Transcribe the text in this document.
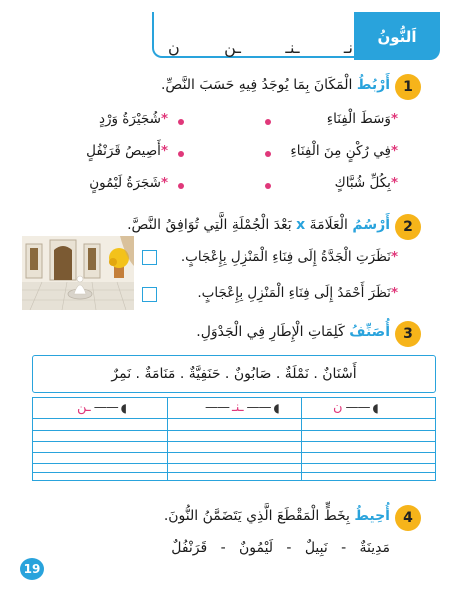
اَلنُّونُ
نـ
ـنـ
ـن
ن
1
أَرْبُطُ الْمَكَانَ بِمَا يُوجَدُ فِيهِ حَسَبَ النَّصِّ.
*وَسَطَ الْفِنَاءِ
*فِي رُكْنٍ مِنَ الْفِنَاءِ
*بِكُلِّ شُبَّاكٍ
*شُجَيْرَةُ وَرْدٍ
*أَصِيصُ قَرَنْفُلٍ
*شَجَرَةُ لَيْمُونٍ
2
أَرْسُمُ الْعَلَامَةَ x بَعْدَ الْجُمْلَةِ الَّتِي تُوَافِقُ النَّصَّ.
*نَظَرَتِ الْجَدَّةُ إِلَى فِنَاءِ الْمَنْزِلِ بِإِعْجَابٍ.
*نَظَرَ أَحْمَدُ إِلَى فِنَاءِ الْمَنْزِلِ بِإِعْجَابٍ.
3
أُصَنِّفُ كَلِمَاتِ الْإِطَارِ فِي الْجَدْوَلِ.
أَسْنَانٌ . نَمْلَةٌ . صَابُونٌ . حَنَفِيَّةٌ . مَنَامَةٌ . نَمِرٌ
ن —— ◖
—— ـنـ —— ◖
ـن —— ◖
4
أُحِيطُ بِخَطٍّ الْمَقْطَعَ الَّذِي يَتَضَمَّنُ النُّونَ.
مَدِينَةٌ   -   نَبِيلٌ   -   لَيْمُونٌ   -   قَرَنْفُلٌ
19
